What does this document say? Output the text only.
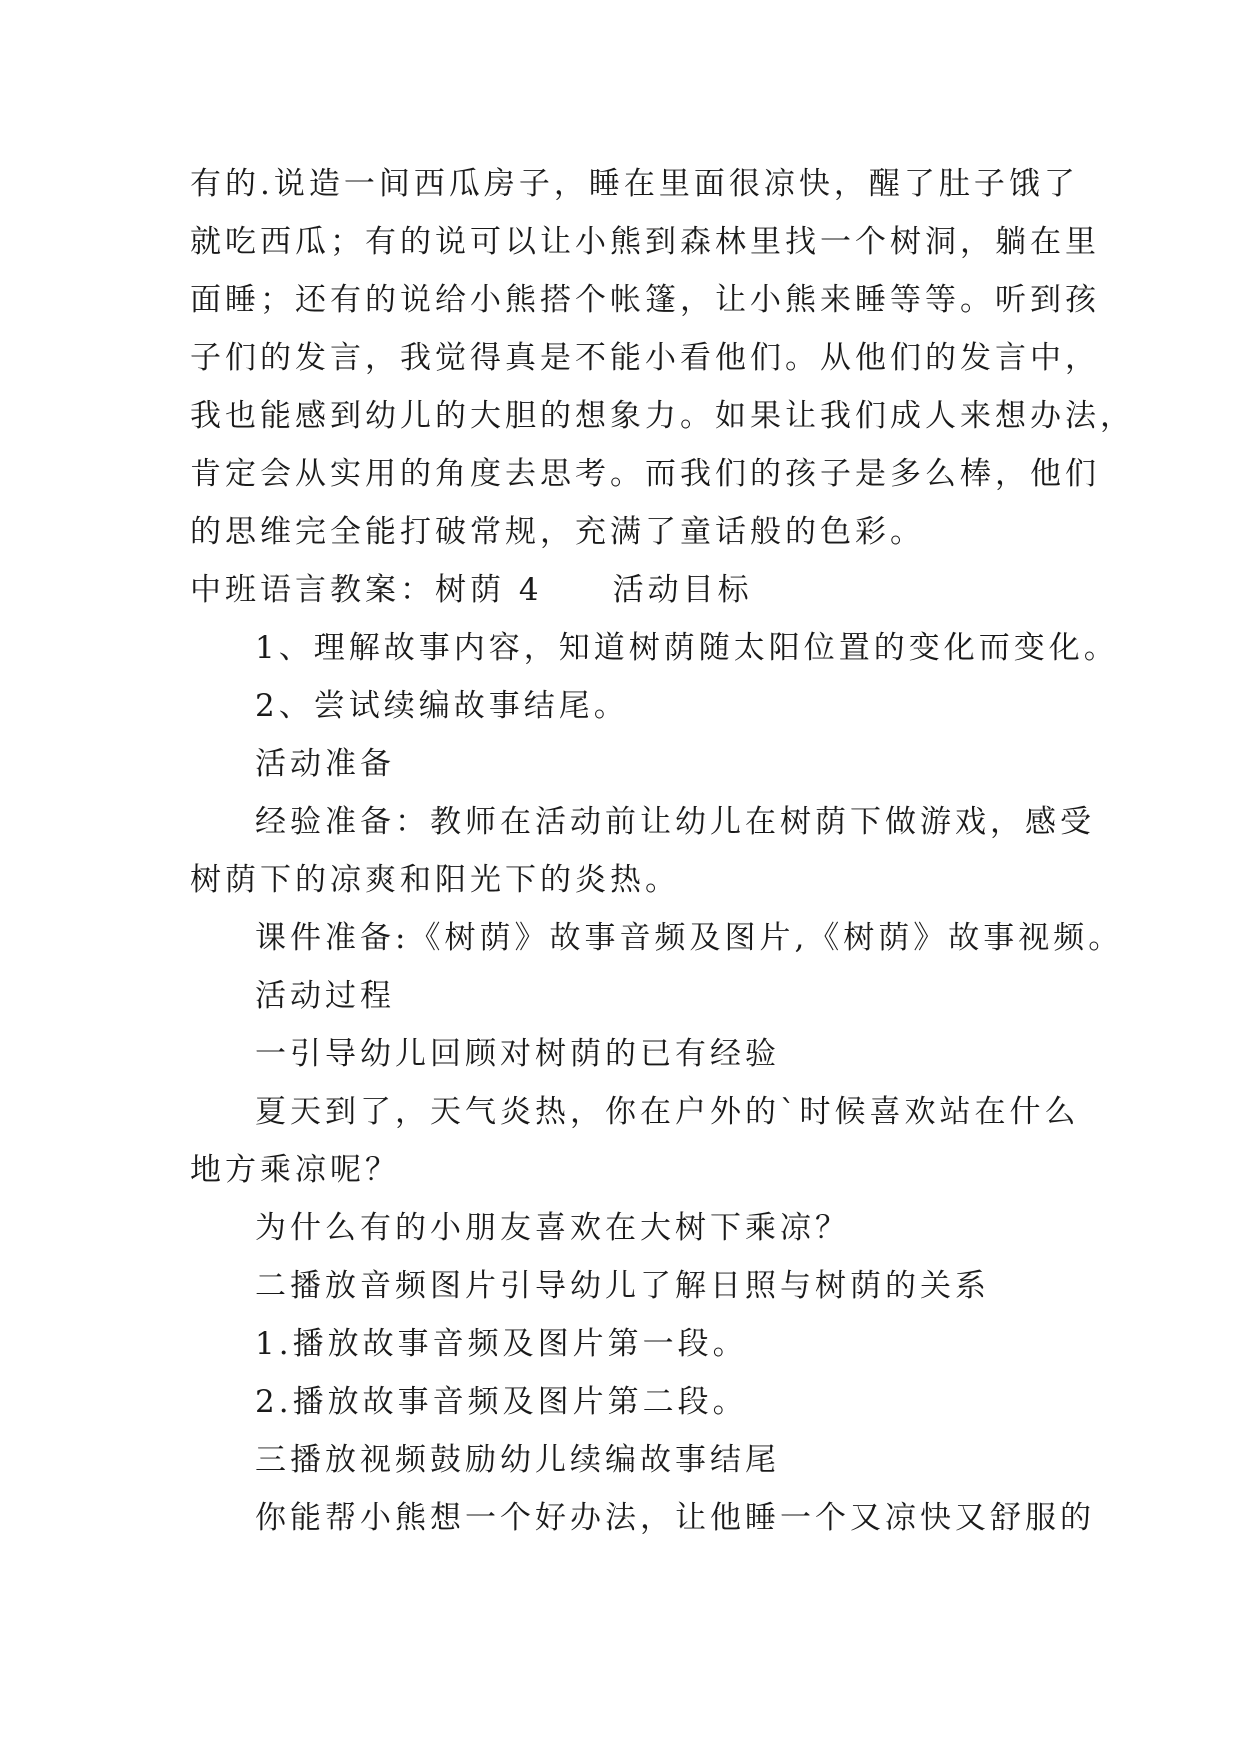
有的.说造一间西瓜房子，睡在里面很凉快，醒了肚子饿了
就吃西瓜；有的说可以让小熊到森林里找一个树洞，躺在里
面睡；还有的说给小熊搭个帐篷，让小熊来睡等等。听到孩
子们的发言，我觉得真是不能小看他们。从他们的发言中，
我也能感到幼儿的大胆的想象力。如果让我们成人来想办法，
肯定会从实用的角度去思考。而我们的孩子是多么棒，他们
的思维完全能打破常规，充满了童话般的色彩。
中班语言教案：树荫 4　　活动目标
1、理解故事内容，知道树荫随太阳位置的变化而变化。
2、尝试续编故事结尾。
活动准备
经验准备：教师在活动前让幼儿在树荫下做游戏，感受
树荫下的凉爽和阳光下的炎热。
课件准备:《树荫》故事音频及图片,《树荫》故事视频。
活动过程
一引导幼儿回顾对树荫的已有经验
夏天到了，天气炎热，你在户外的`时候喜欢站在什么
地方乘凉呢？
为什么有的小朋友喜欢在大树下乘凉？
二播放音频图片引导幼儿了解日照与树荫的关系
1.播放故事音频及图片第一段。
2.播放故事音频及图片第二段。
三播放视频鼓励幼儿续编故事结尾
你能帮小熊想一个好办法，让他睡一个又凉快又舒服的
